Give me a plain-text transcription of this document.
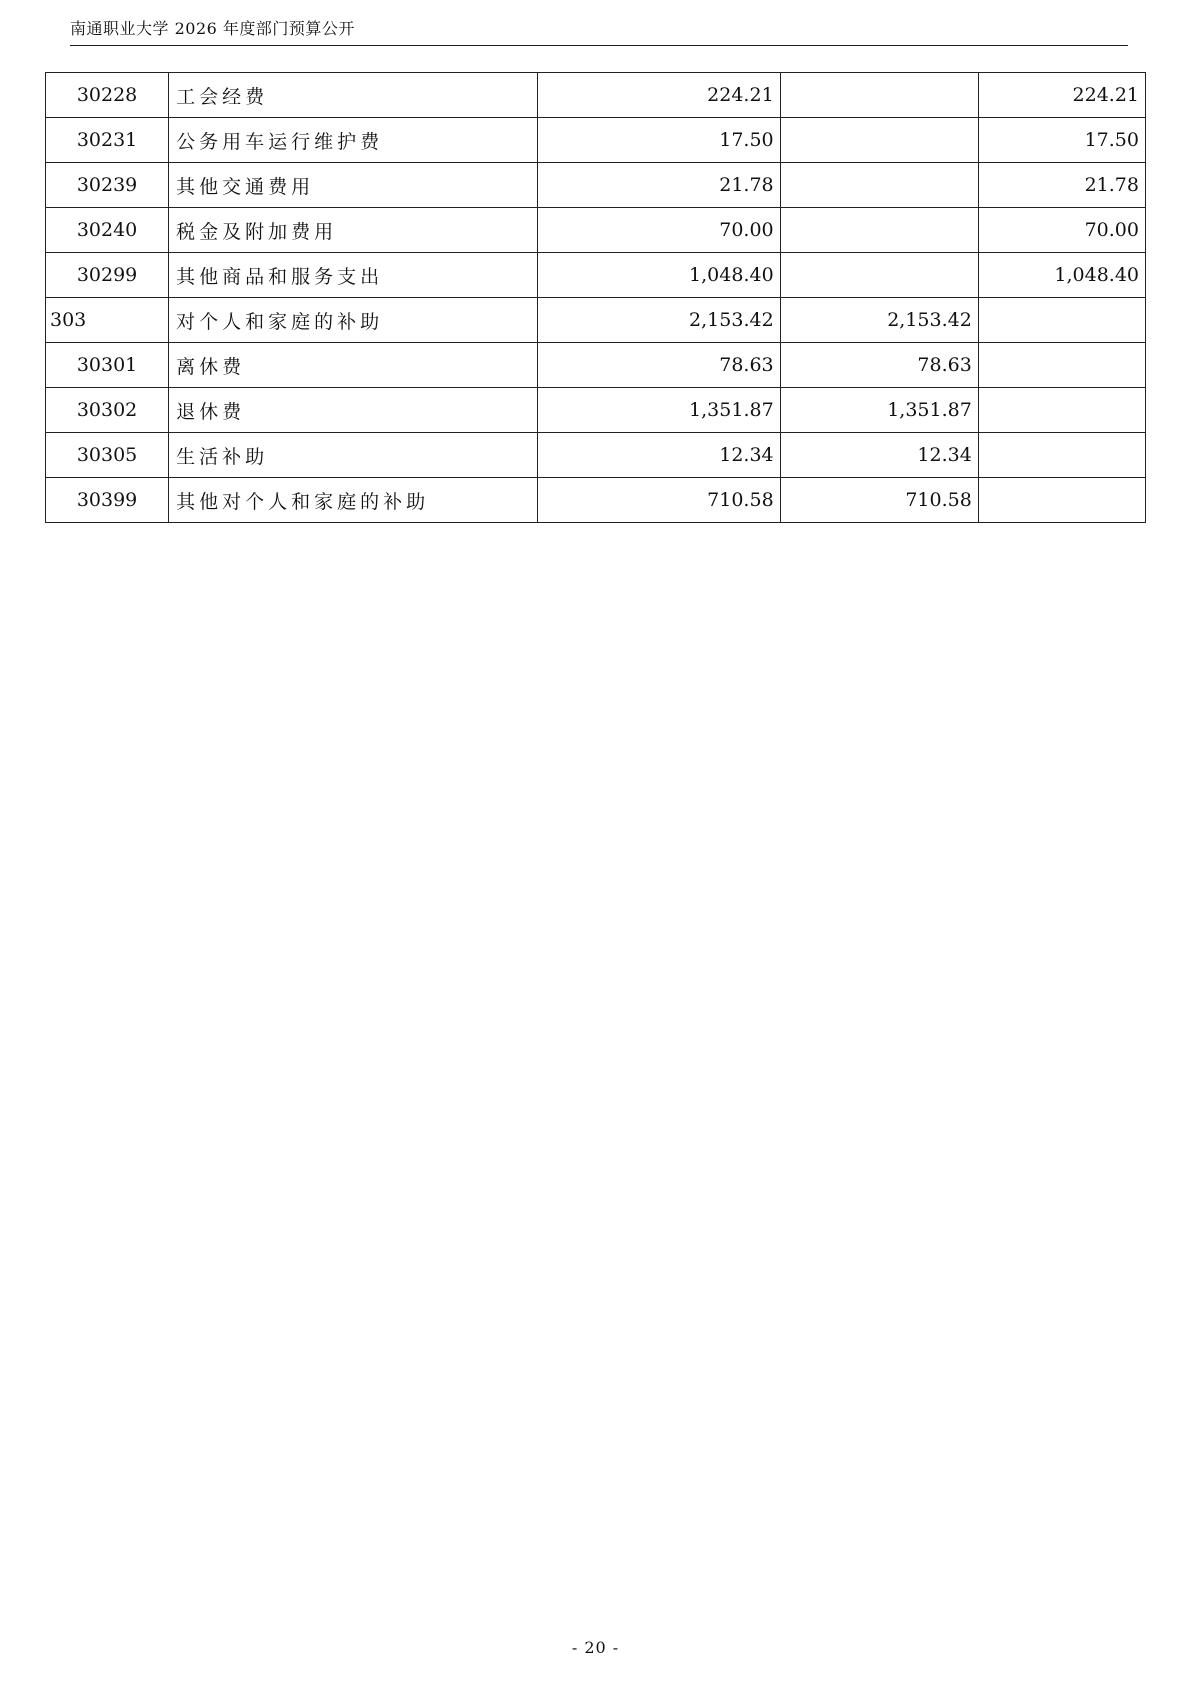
南通职业大学 2026 年度部门预算公开
30228	工会经费	224.21		224.21
30231	公务用车运行维护费	17.50		17.50
30239	其他交通费用	21.78		21.78
30240	税金及附加费用	70.00		70.00
30299	其他商品和服务支出	1,048.40		1,048.40
303	对个人和家庭的补助	2,153.42	2,153.42	
30301	离休费	78.63	78.63	
30302	退休费	1,351.87	1,351.87	
30305	生活补助	12.34	12.34	
30399	其他对个人和家庭的补助	710.58	710.58	
- 20 -
